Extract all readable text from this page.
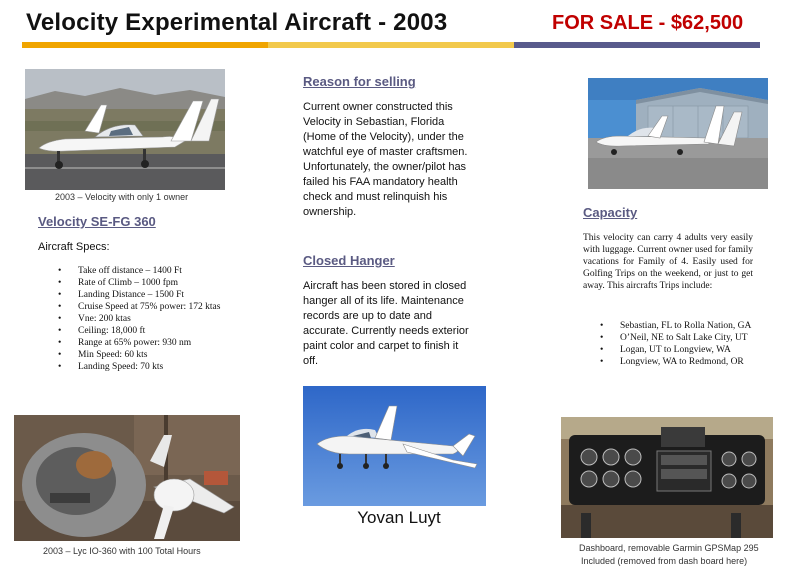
Velocity Experimental Aircraft - 2003	FOR SALE - $62,500
2003 – Velocity with only 1 owner
Velocity SE-FG 360
Aircraft Specs:
• Take off distance – 1400 Ft
• Rate of Climb – 1000 fpm
• Landing Distance – 1500 Ft
• Cruise Speed at 75% power: 172 ktas
• Vne: 200 ktas
• Ceiling: 18,000 ft
• Range at 65% power: 930 nm
• Min Speed: 60 kts
• Landing Speed: 70 kts
Reason for selling
Current owner constructed this Velocity in Sebastian, Florida (Home of the Velocity), under the watchful eye of master craftsmen. Unfortunately, the owner/pilot has failed his FAA mandatory health check and must relinquish his ownership.
Closed Hanger
Aircraft has been stored in closed hanger all of its life. Maintenance records are up to date and accurate. Currently needs exterior paint color and carpet to finish it off.
Yovan Luyt
Capacity
This velocity can carry 4 adults very easily with luggage. Current owner used for family vacations for Family of 4. Easily used for Golfing Trips on the weekend, or just to get away. This aircrafts Trips include:
• Sebastian, FL to Rolla Nation, GA
• O’Neil, NE to Salt Lake City, UT
• Logan, UT to Longview, WA
• Longview, WA to Redmond, OR
2003 – Lyc IO-360 with 100 Total Hours	Dashboard, removable Garmin GPSMap 295
Included (removed from dash board here)
